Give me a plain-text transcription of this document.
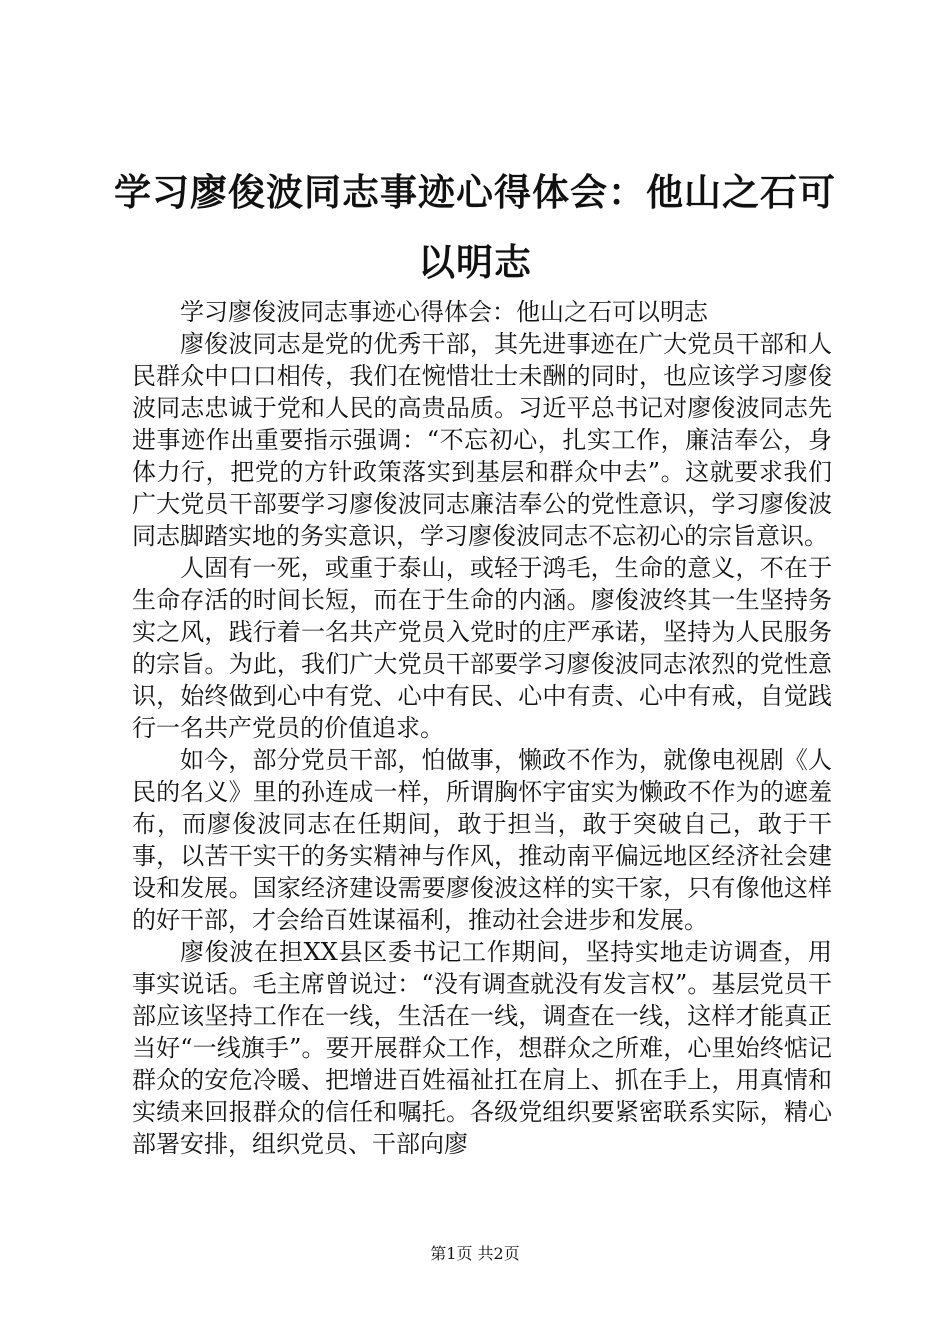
学习廖俊波同志事迹心得体会：他山之石可以明志

学习廖俊波同志事迹心得体会：他山之石可以明志

廖俊波同志是党的优秀干部，其先进事迹在广大党员干部和人民群众中口口相传，我们在惋惜壮士未酬的同时，也应该学习廖俊波同志忠诚于党和人民的高贵品质。习近平总书记对廖俊波同志先进事迹作出重要指示强调：“不忘初心，扎实工作，廉洁奉公，身体力行，把党的方针政策落实到基层和群众中去”。这就要求我们广大党员干部要学习廖俊波同志廉洁奉公的党性意识，学习廖俊波同志脚踏实地的务实意识，学习廖俊波同志不忘初心的宗旨意识。

人固有一死，或重于泰山，或轻于鸿毛，生命的意义，不在于生命存活的时间长短，而在于生命的内涵。廖俊波终其一生坚持务实之风，践行着一名共产党员入党时的庄严承诺，坚持为人民服务的宗旨。为此，我们广大党员干部要学习廖俊波同志浓烈的党性意识，始终做到心中有党、心中有民、心中有责、心中有戒，自觉践行一名共产党员的价值追求。

如今，部分党员干部，怕做事，懒政不作为，就像电视剧《人民的名义》里的孙连成一样，所谓胸怀宇宙实为懒政不作为的遮羞布，而廖俊波同志在任期间，敢于担当，敢于突破自己，敢于干事，以苦干实干的务实精神与作风，推动南平偏远地区经济社会建设和发展。国家经济建设需要廖俊波这样的实干家，只有像他这样的好干部，才会给百姓谋福利，推动社会进步和发展。

廖俊波在担XX县区委书记工作期间，坚持实地走访调查，用事实说话。毛主席曾说过：“没有调查就没有发言权”。基层党员干部应该坚持工作在一线，生活在一线，调查在一线，这样才能真正当好“一线旗手”。要开展群众工作，想群众之所难，心里始终惦记群众的安危冷暖、把增进百姓福祉扛在肩上、抓在手上，用真情和实绩来回报群众的信任和嘱托。各级党组织要紧密联系实际，精心部署安排，组织党员、干部向廖

第1页 共2页
